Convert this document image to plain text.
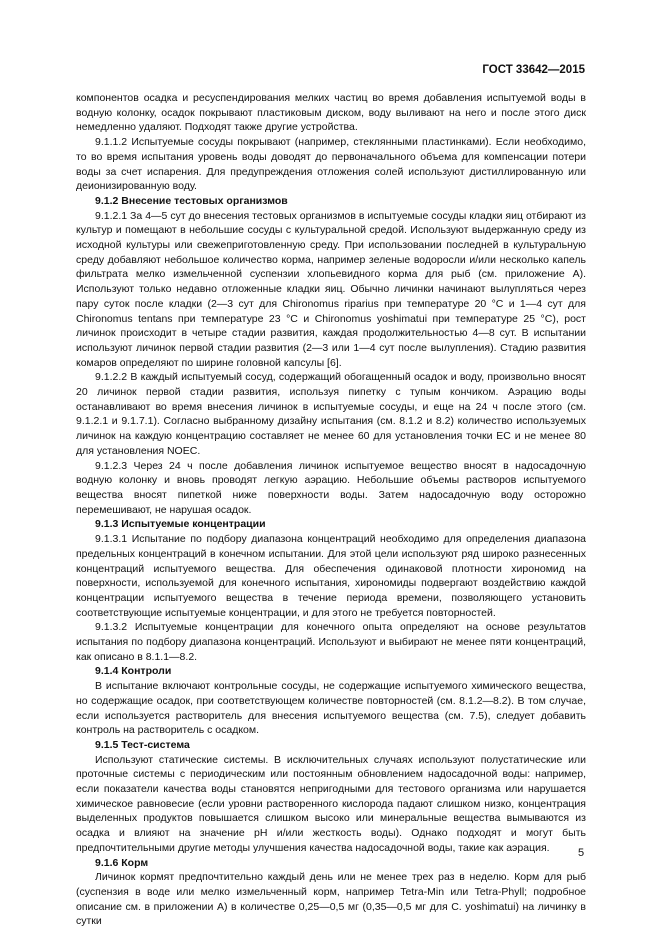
ГОСТ 33642—2015

компонентов осадка и ресуспендирования мелких частиц во время добавления испытуемой воды в водную колонку, осадок покрывают пластиковым диском, воду выливают на него и после этого диск немедленно удаляют. Подходят также другие устройства.

9.1.1.2 Испытуемые сосуды покрывают (например, стеклянными пластинками). Если необходимо, то во время испытания уровень воды доводят до первоначального объема для компенсации потери воды за счет испарения. Для предупреждения отложения солей используют дистиллированную или деионизированную воду.

9.1.2 Внесение тестовых организмов

9.1.2.1 За 4—5 сут до внесения тестовых организмов в испытуемые сосуды кладки яиц отбирают из культур и помещают в небольшие сосуды с культуральной средой. Используют выдержанную среду из исходной культуры или свежеприготовленную среду. При использовании последней в культуральную среду добавляют небольшое количество корма, например зеленые водоросли и/или несколько капель фильтрата мелко измельченной суспензии хлопьевидного корма для рыб (см. приложение А). Используют только недавно отложенные кладки яиц. Обычно личинки начинают вылупляться через пару суток после кладки (2—3 сут для Chironomus riparius при температуре 20 °С и 1—4 сут для Chironomus tentans при температуре 23 °С и Chironomus yoshimatui при температуре 25 °С), рост личинок происходит в четыре стадии развития, каждая продолжительностью 4—8 сут. В испытании используют личинок первой стадии развития (2—3 или 1—4 сут после вылупления). Стадию развития комаров определяют по ширине головной капсулы [6].

9.1.2.2 В каждый испытуемый сосуд, содержащий обогащенный осадок и воду, произвольно вносят 20 личинок первой стадии развития, используя пипетку с тупым кончиком. Аэрацию воды останавливают во время внесения личинок в испытуемые сосуды, и еще на 24 ч после этого (см. 9.1.2.1 и 9.1.7.1). Согласно выбранному дизайну испытания (см. 8.1.2 и 8.2) количество используемых личинок на каждую концентрацию составляет не менее 60 для установления точки ЕС и не менее 80 для установления NOEC.

9.1.2.3 Через 24 ч после добавления личинок испытуемое вещество вносят в надосадочную водную колонку и вновь проводят легкую аэрацию. Небольшие объемы растворов испытуемого вещества вносят пипеткой ниже поверхности воды. Затем надосадочную воду осторожно перемешивают, не нарушая осадок.

9.1.3 Испытуемые концентрации

9.1.3.1 Испытание по подбору диапазона концентраций необходимо для определения диапазона предельных концентраций в конечном испытании. Для этой цели используют ряд широко разнесенных концентраций испытуемого вещества. Для обеспечения одинаковой плотности хирономид на поверхности, используемой для конечного испытания, хирономиды подвергают воздействию каждой концентрации испытуемого вещества в течение периода времени, позволяющего установить соответствующие испытуемые концентрации, и для этого не требуется повторностей.

9.1.3.2 Испытуемые концентрации для конечного опыта определяют на основе результатов испытания по подбору диапазона концентраций. Используют и выбирают не менее пяти концентраций, как описано в 8.1.1—8.2.

9.1.4 Контроли

В испытание включают контрольные сосуды, не содержащие испытуемого химического вещества, но содержащие осадок, при соответствующем количестве повторностей (см. 8.1.2—8.2). В том случае, если используется растворитель для внесения испытуемого вещества (см. 7.5), следует добавить контроль на растворитель с осадком.

9.1.5 Тест-система

Используют статические системы. В исключительных случаях используют полустатические или проточные системы с периодическим или постоянным обновлением надосадочной воды: например, если показатели качества воды становятся непригодными для тестового организма или нарушается химическое равновесие (если уровни растворенного кислорода падают слишком низко, концентрация выделенных продуктов повышается слишком высоко или минеральные вещества вымываются из осадка и влияют на значение pH и/или жесткость воды). Однако подходят и могут быть предпочтительными другие методы улучшения качества надосадочной воды, такие как аэрация.

9.1.6 Корм

Личинок кормят предпочтительно каждый день или не менее трех раз в неделю. Корм для рыб (суспензия в воде или мелко измельченный корм, например Tetra-Min или Tetra-Phyll; подробное описание см. в приложении А) в количестве 0,25—0,5 мг (0,35—0,5 мг для C. yoshimatui) на личинку в сутки

5
